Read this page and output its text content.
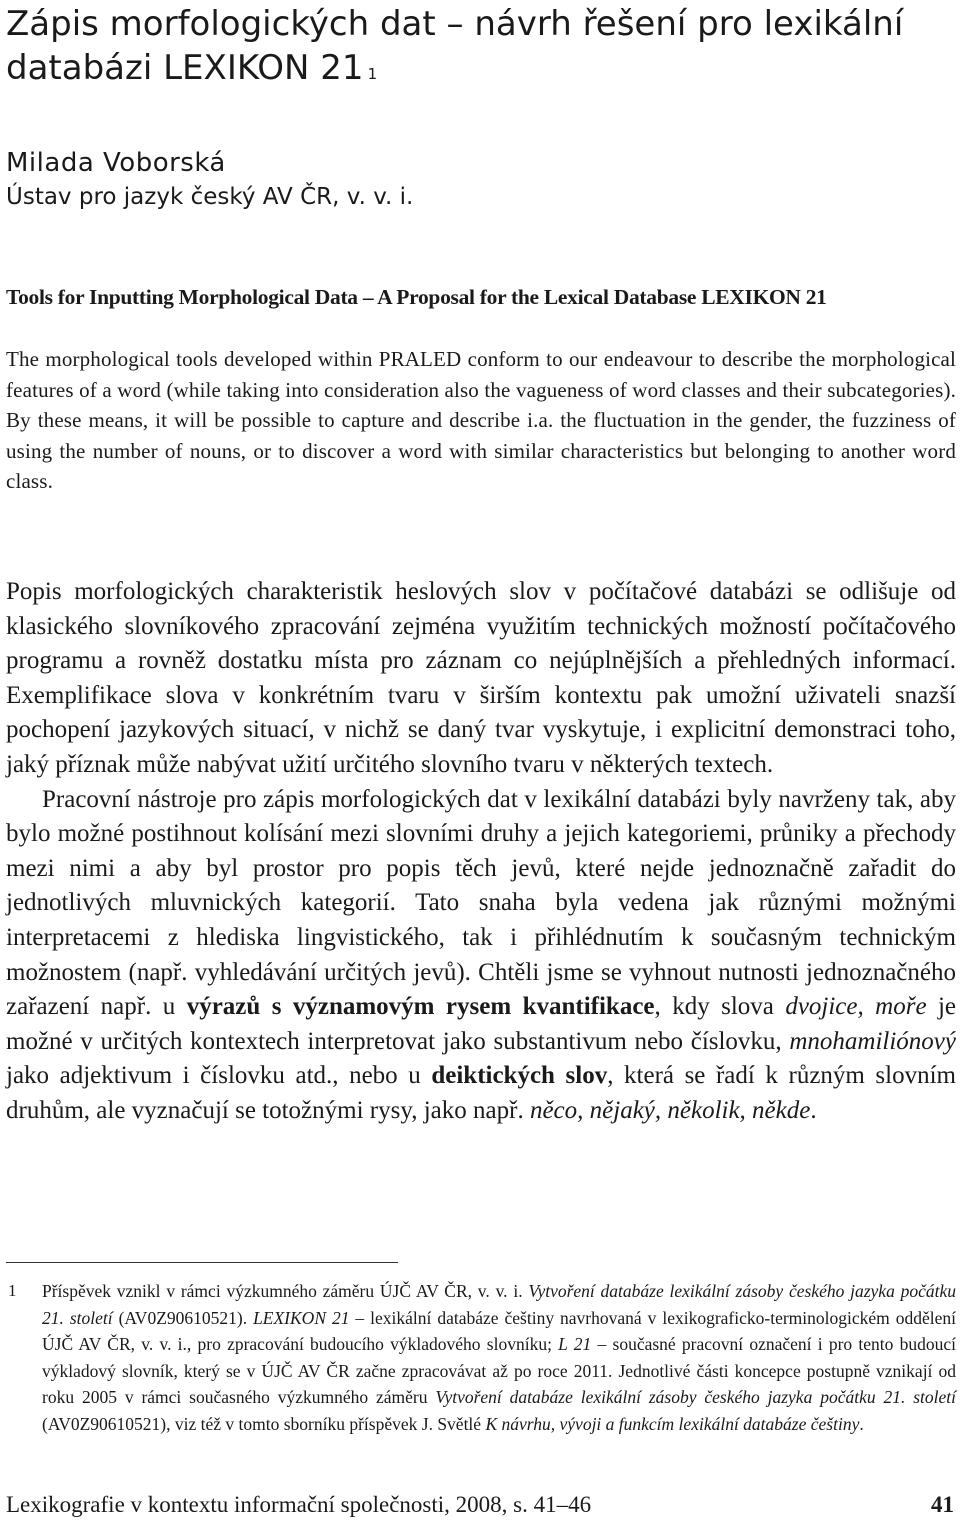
Zápis morfologických dat – návrh řešení pro lexikální databázi LEXIKON 21 $^1$
Milada Voborská
Ústav pro jazyk český AV ČR, v. v. i.
Tools for Inputting Morphological Data – A Proposal for the Lexical Database LEXIKON 21
The morphological tools developed within PRALED conform to our endeavour to describe the morphological features of a word (while taking into consideration also the vagueness of word classes and their subcategories). By these means, it will be possible to capture and describe i.a. the fluctuation in the gender, the fuzziness of using the number of nouns, or to discover a word with similar characteristics but belonging to another word class.

Popis morfologických charakteristik heslových slov v počítačové databázi se odlišuje od klasického slovníkového zpracování zejména využitím technických možností počítačového programu a rovněž dostatku místa pro záznam co nejúplnějších a přehledných informací. Exemplifikace slova v konkrétním tvaru v širším kontextu pak umožní uživateli snazší pochopení jazykových situací, v nichž se daný tvar vyskytuje, i explicitní demonstraci toho, jaký příznak může nabývat užití určitého slovního tvaru v některých textech.

Pracovní nástroje pro zápis morfologických dat v lexikální databázi byly navrženy tak, aby bylo možné postihnout kolísání mezi slovními druhy a jejich kategoriemi, průniky a přechody mezi nimi a aby byl prostor pro popis těch jevů, které nejde jednoznačně zařadit do jednotlivých mluvnických kategorií. Tato snaha byla vedena jak různými možnými interpretacemi z hlediska lingvistického, tak i přihlédnutím k současným technickým možnostem (např. vyhledávání určitých jevů). Chtěli jsme se vyhnout nutnosti jednoznačného zařazení např. u výrazů s významovým rysem kvantifikace, kdy slova dvojice, moře je možné v určitých kontextech interpretovat jako substantivum nebo číslovku, mnohamiliónový jako adjektivum i číslovku atd., nebo u deiktických slov, která se řadí k různým slovním druhům, ale vyznačují se totožnými rysy, jako např. něco, nějaký, několik, někde.

1 Příspěvek vznikl v rámci výzkumného záměru ÚJČ AV ČR, v. v. i. Vytvoření databáze lexikální zásoby českého jazyka počátku 21. století (AV0Z90610521). LEXIKON 21 – lexikální databáze češtiny navrhovaná v lexikograficko-terminologickém oddělení ÚJČ AV ČR, v. v. i., pro zpracování budoucího výkladového slovníku; L 21 – současné pracovní označení i pro tento budoucí výkladový slovník, který se v ÚJČ AV ČR začne zpracovávat až po roce 2011. Jednotlivé části koncepce postupně vznikají od roku 2005 v rámci současného výzkumného záměru Vytvoření databáze lexikální zásoby českého jazyka počátku 21. století (AV0Z90610521), viz též v tomto sborníku příspěvek J. Světlé K návrhu, vývoji a funkcím lexikální databáze češtiny.
Lexikografie v kontextu informační společnosti, 2008, s. 41–46	41
